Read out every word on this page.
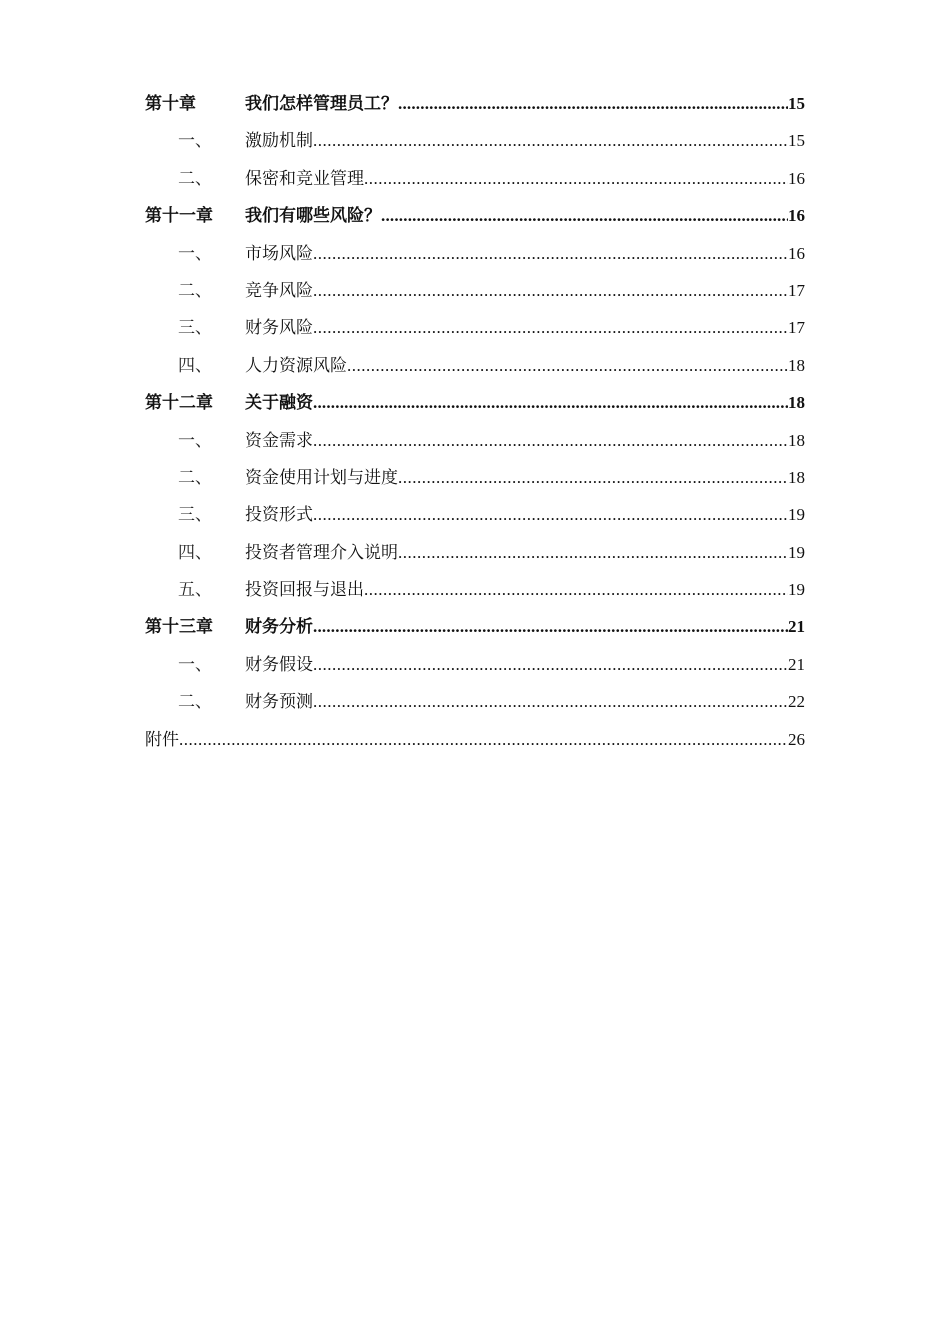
第十章	我们怎样管理员工？ .....	15
一、	激励机制 .....	15
二、	保密和竞业管理 .....	16
第十一章	我们有哪些风险？ .....	16
一、	市场风险 .....	16
二、	竞争风险 .....	17
三、	财务风险 .....	17
四、	人力资源风险 .....	18
第十二章	关于融资 .....	18
一、	资金需求 .....	18
二、	资金使用计划与进度 .....	18
三、	投资形式 .....	19
四、	投资者管理介入说明 .....	19
五、	投资回报与退出 .....	19
第十三章	财务分析 .....	21
一、	财务假设 .....	21
二、	财务预测 .....	22
附件 .....	26
